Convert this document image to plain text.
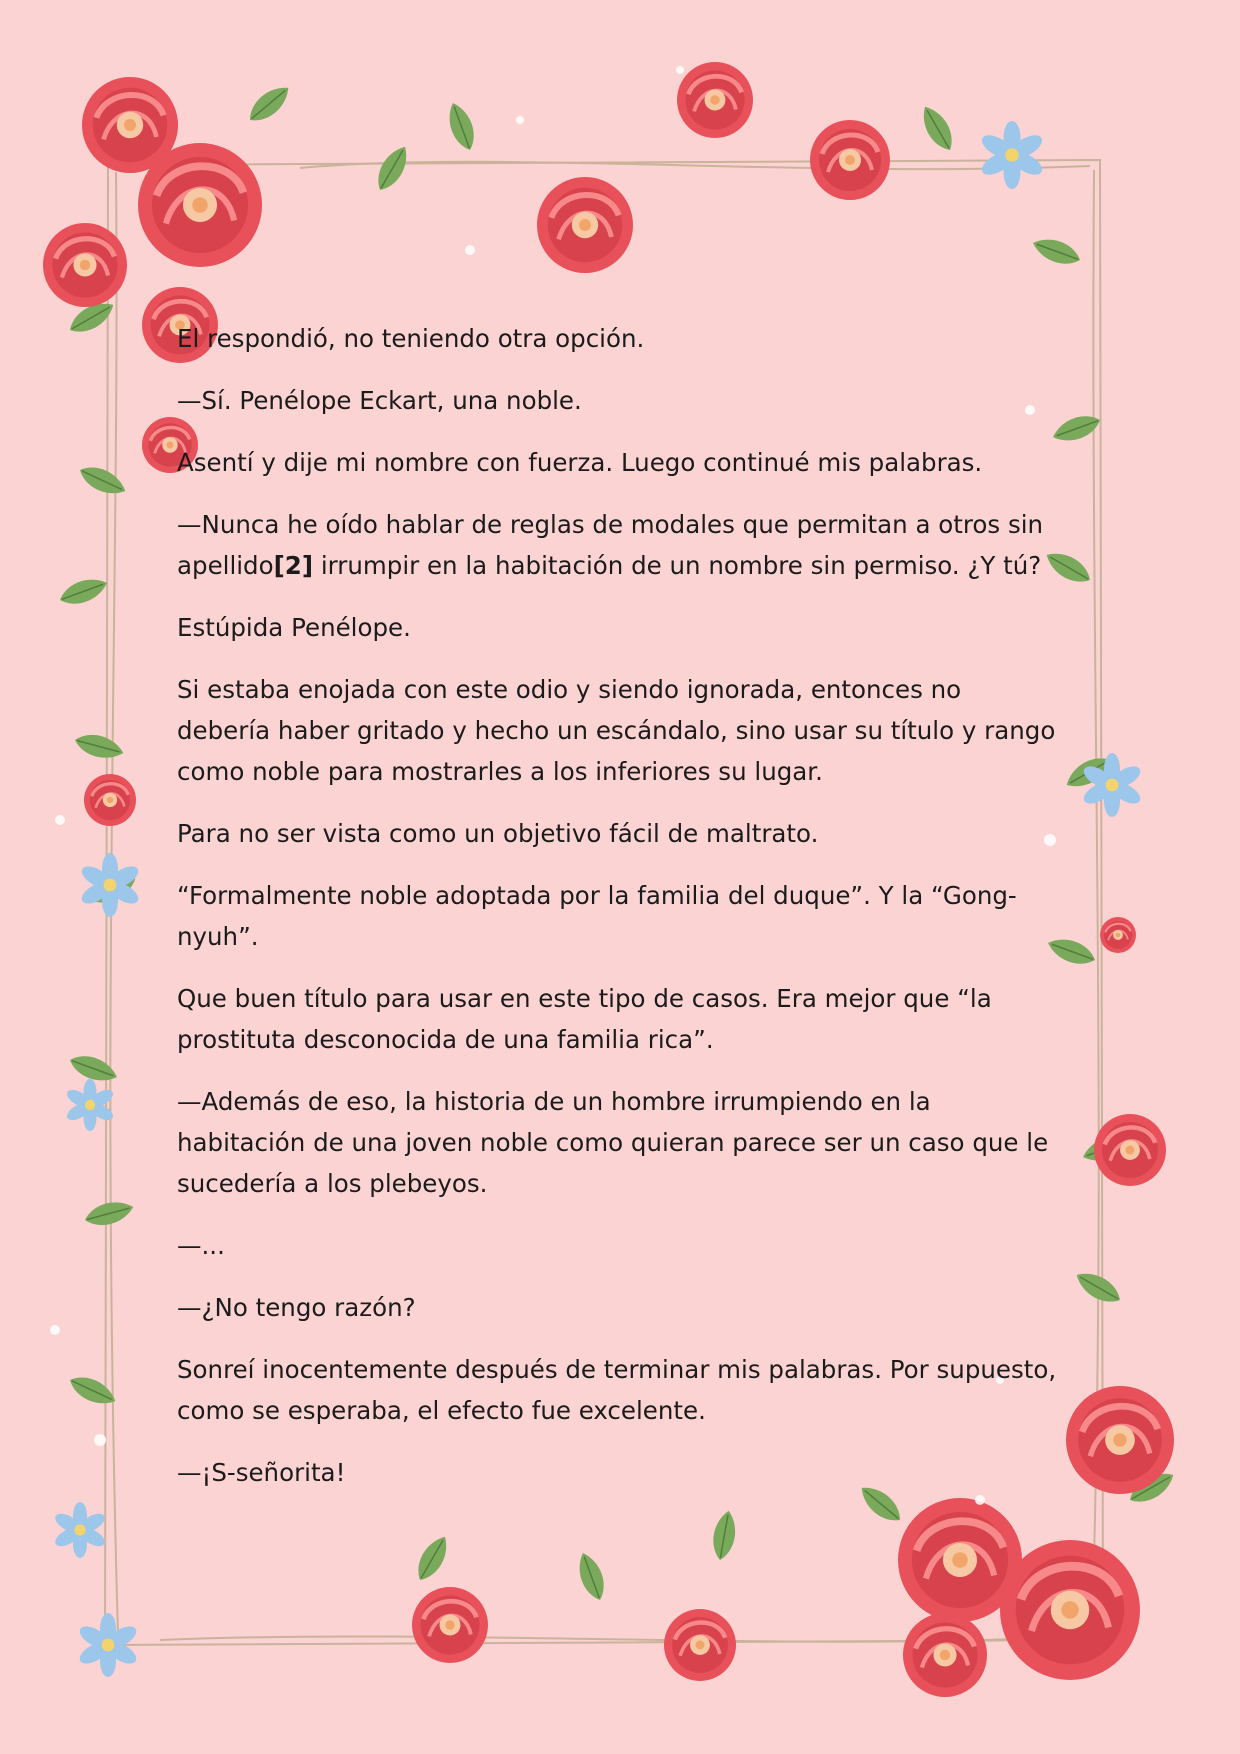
El respondió, no teniendo otra opción.

—Sí. Penélope Eckart, una noble.

Asentí y dije mi nombre con fuerza. Luego continué mis palabras.

—Nunca he oído hablar de reglas de modales que permitan a otros sin apellido[2] irrumpir en la habitación de un nombre sin permiso. ¿Y tú?

Estúpida Penélope.

Si estaba enojada con este odio y siendo ignorada, entonces no debería haber gritado y hecho un escándalo, sino usar su título y rango como noble para mostrarles a los inferiores su lugar.

Para no ser vista como un objetivo fácil de maltrato.

“Formalmente noble adoptada por la familia del duque”. Y la “Gong-nyuh”.

Que buen título para usar en este tipo de casos. Era mejor que “la prostituta desconocida de una familia rica”.

—Además de eso, la historia de un hombre irrumpiendo en la habitación de una joven noble como quieran parece ser un caso que le sucedería a los plebeyos.

—...

—¿No tengo razón?

Sonreí inocentemente después de terminar mis palabras. Por supuesto, como se esperaba, el efecto fue excelente.

—¡S-señorita!
